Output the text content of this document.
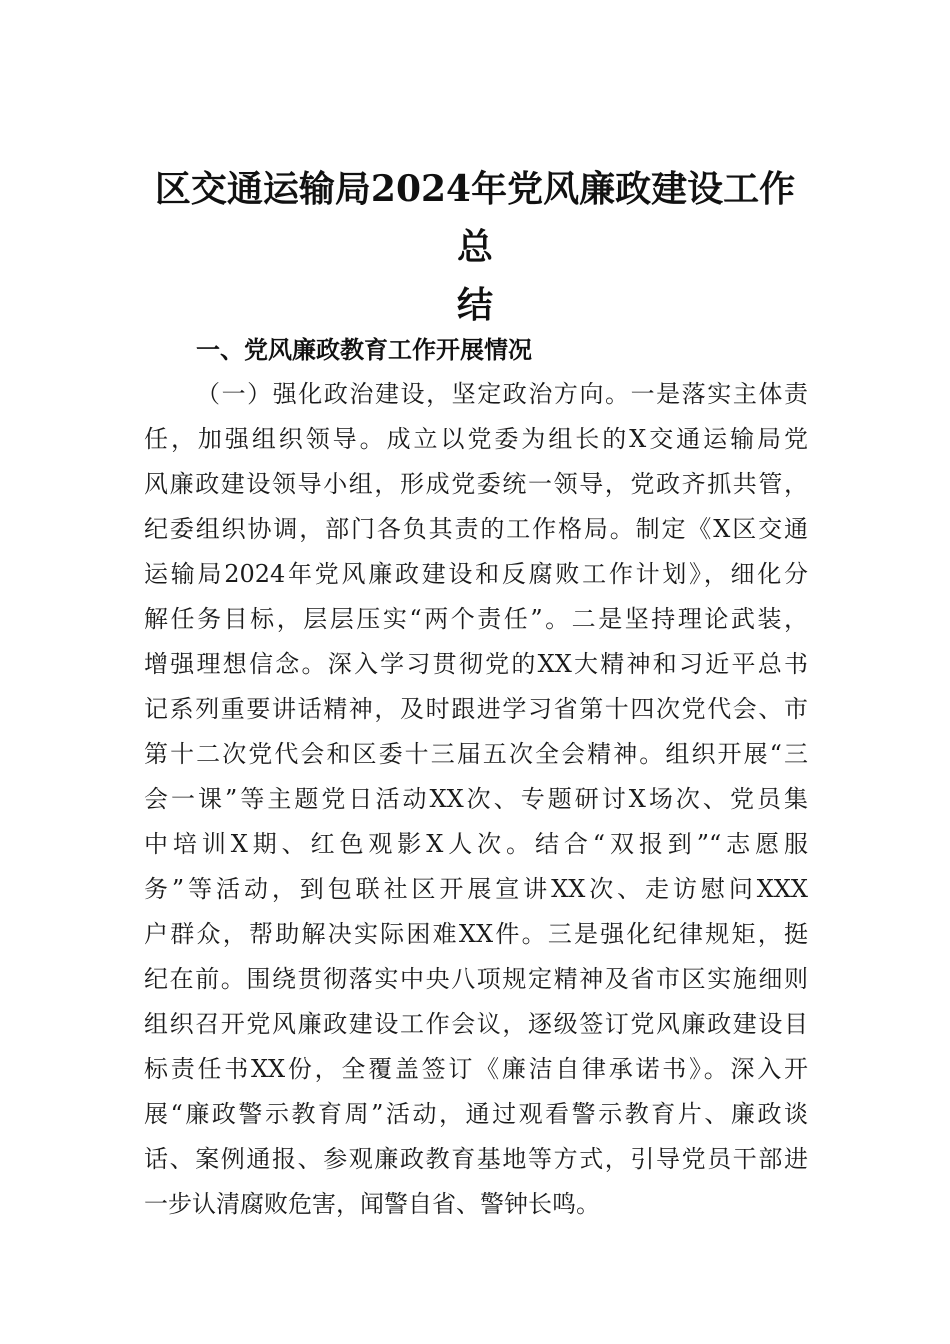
区交通运输局2024年党风廉政建设工作总
结
一、党风廉政教育工作开展情况
（一）强化政治建设，坚定政治方向。一是落实主体责
任，加强组织领导。成立以党委为组长的X交通运输局党
风廉政建设领导小组，形成党委统一领导，党政齐抓共管，
纪委组织协调，部门各负其责的工作格局。制定《X区交通
运输局2024年党风廉政建设和反腐败工作计划》，细化分
解任务目标，层层压实“两个责任”。二是坚持理论武装，
增强理想信念。深入学习贯彻党的XX大精神和习近平总书
记系列重要讲话精神，及时跟进学习省第十四次党代会、市
第十二次党代会和区委十三届五次全会精神。组织开展“三
会一课”等主题党日活动XX次、专题研讨X场次、党员集
中培训X期、红色观影X人次。结合“双报到”“志愿服
务”等活动，到包联社区开展宣讲XX次、走访慰问XXX
户群众，帮助解决实际困难XX件。三是强化纪律规矩，挺
纪在前。围绕贯彻落实中央八项规定精神及省市区实施细则
组织召开党风廉政建设工作会议，逐级签订党风廉政建设目
标责任书XX份，全覆盖签订《廉洁自律承诺书》。深入开
展“廉政警示教育周”活动，通过观看警示教育片、廉政谈
话、案例通报、参观廉政教育基地等方式，引导党员干部进
一步认清腐败危害，闻警自省、警钟长鸣。
